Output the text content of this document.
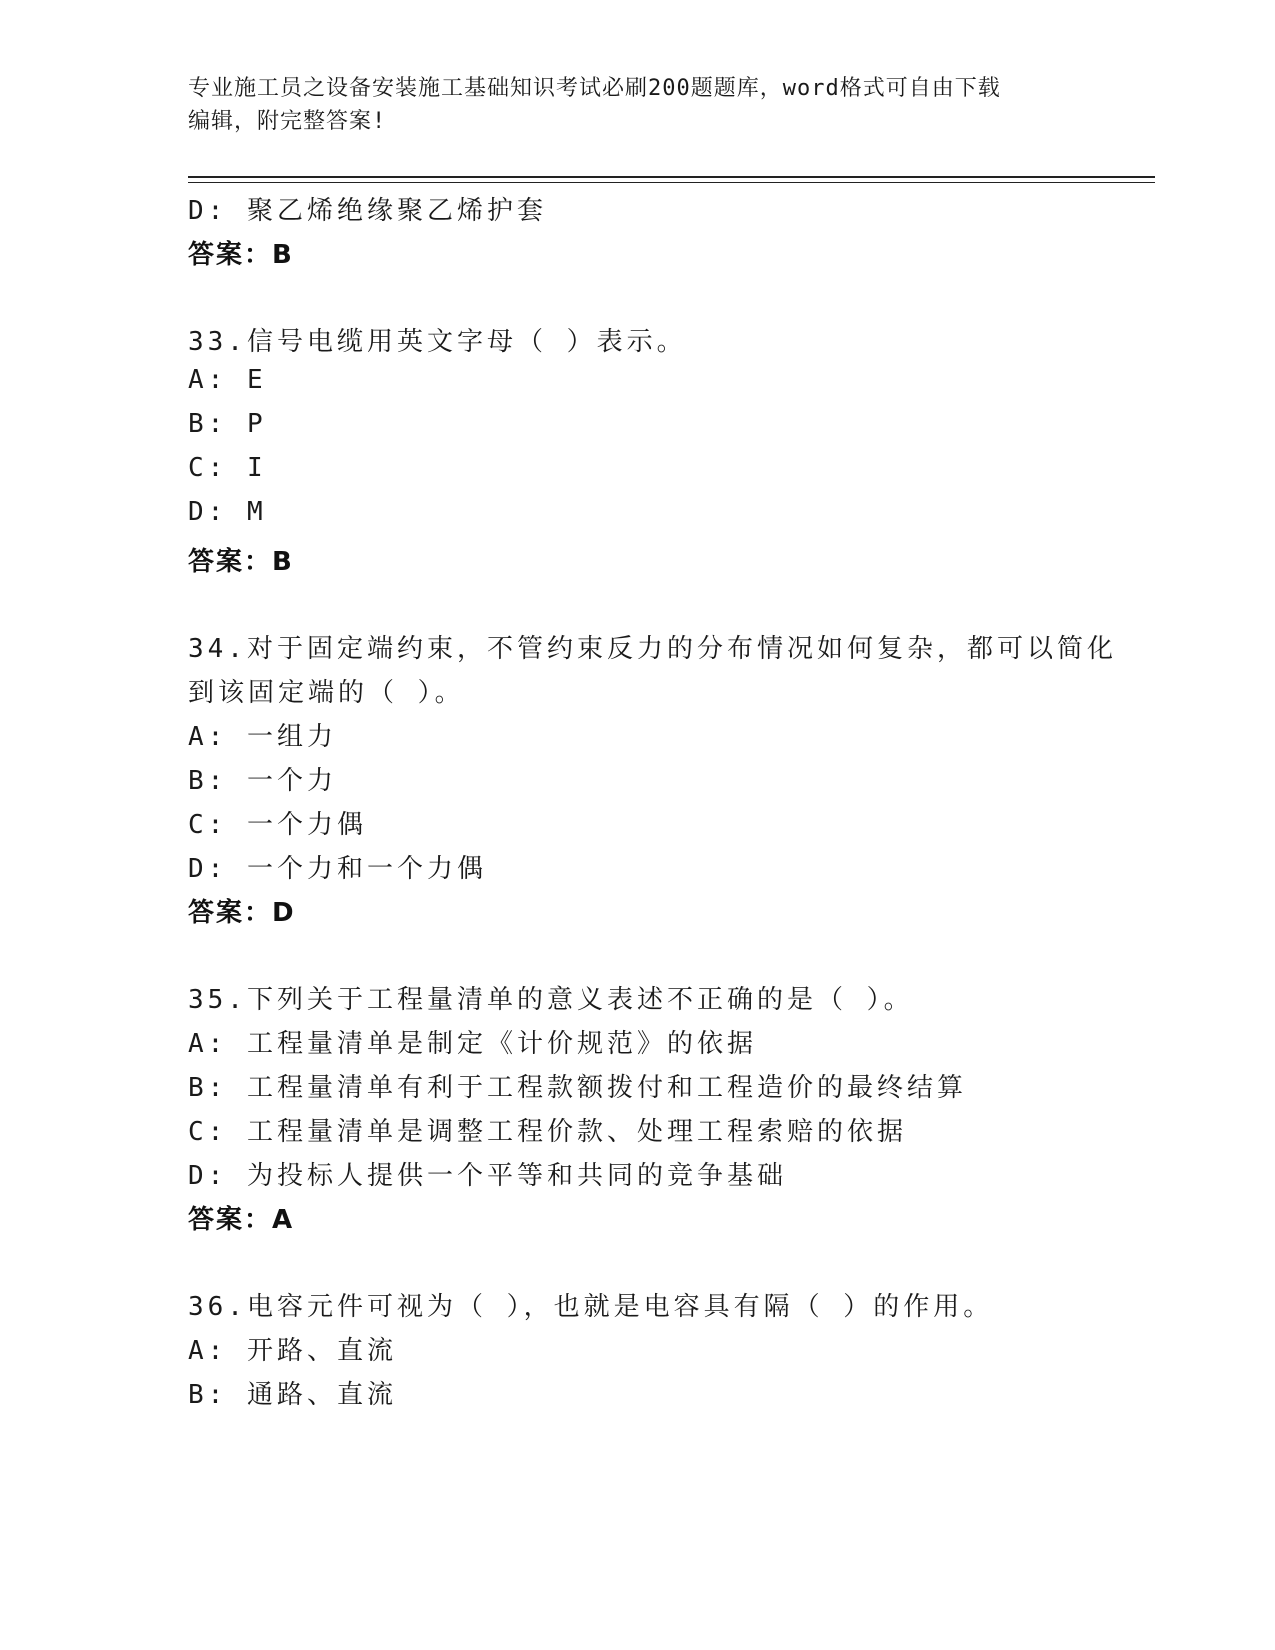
专业施工员之设备安装施工基础知识考试必刷200题题库，word格式可自由下载
编辑，附完整答案!
D: 聚乙烯绝缘聚乙烯护套
答案：B
33.信号电缆用英文字母（ ）表示。
A: E
B: P
C: I
D: M
答案：B
34.对于固定端约束，不管约束反力的分布情况如何复杂，都可以简化
到该固定端的（ ）。
A: 一组力
B: 一个力
C: 一个力偶
D: 一个力和一个力偶
答案：D
35.下列关于工程量清单的意义表述不正确的是（ ）。
A: 工程量清单是制定《计价规范》的依据
B: 工程量清单有利于工程款额拨付和工程造价的最终结算
C: 工程量清单是调整工程价款、处理工程索赔的依据
D: 为投标人提供一个平等和共同的竞争基础
答案：A
36.电容元件可视为（ ），也就是电容具有隔（ ）的作用。
A: 开路、直流
B: 通路、直流
